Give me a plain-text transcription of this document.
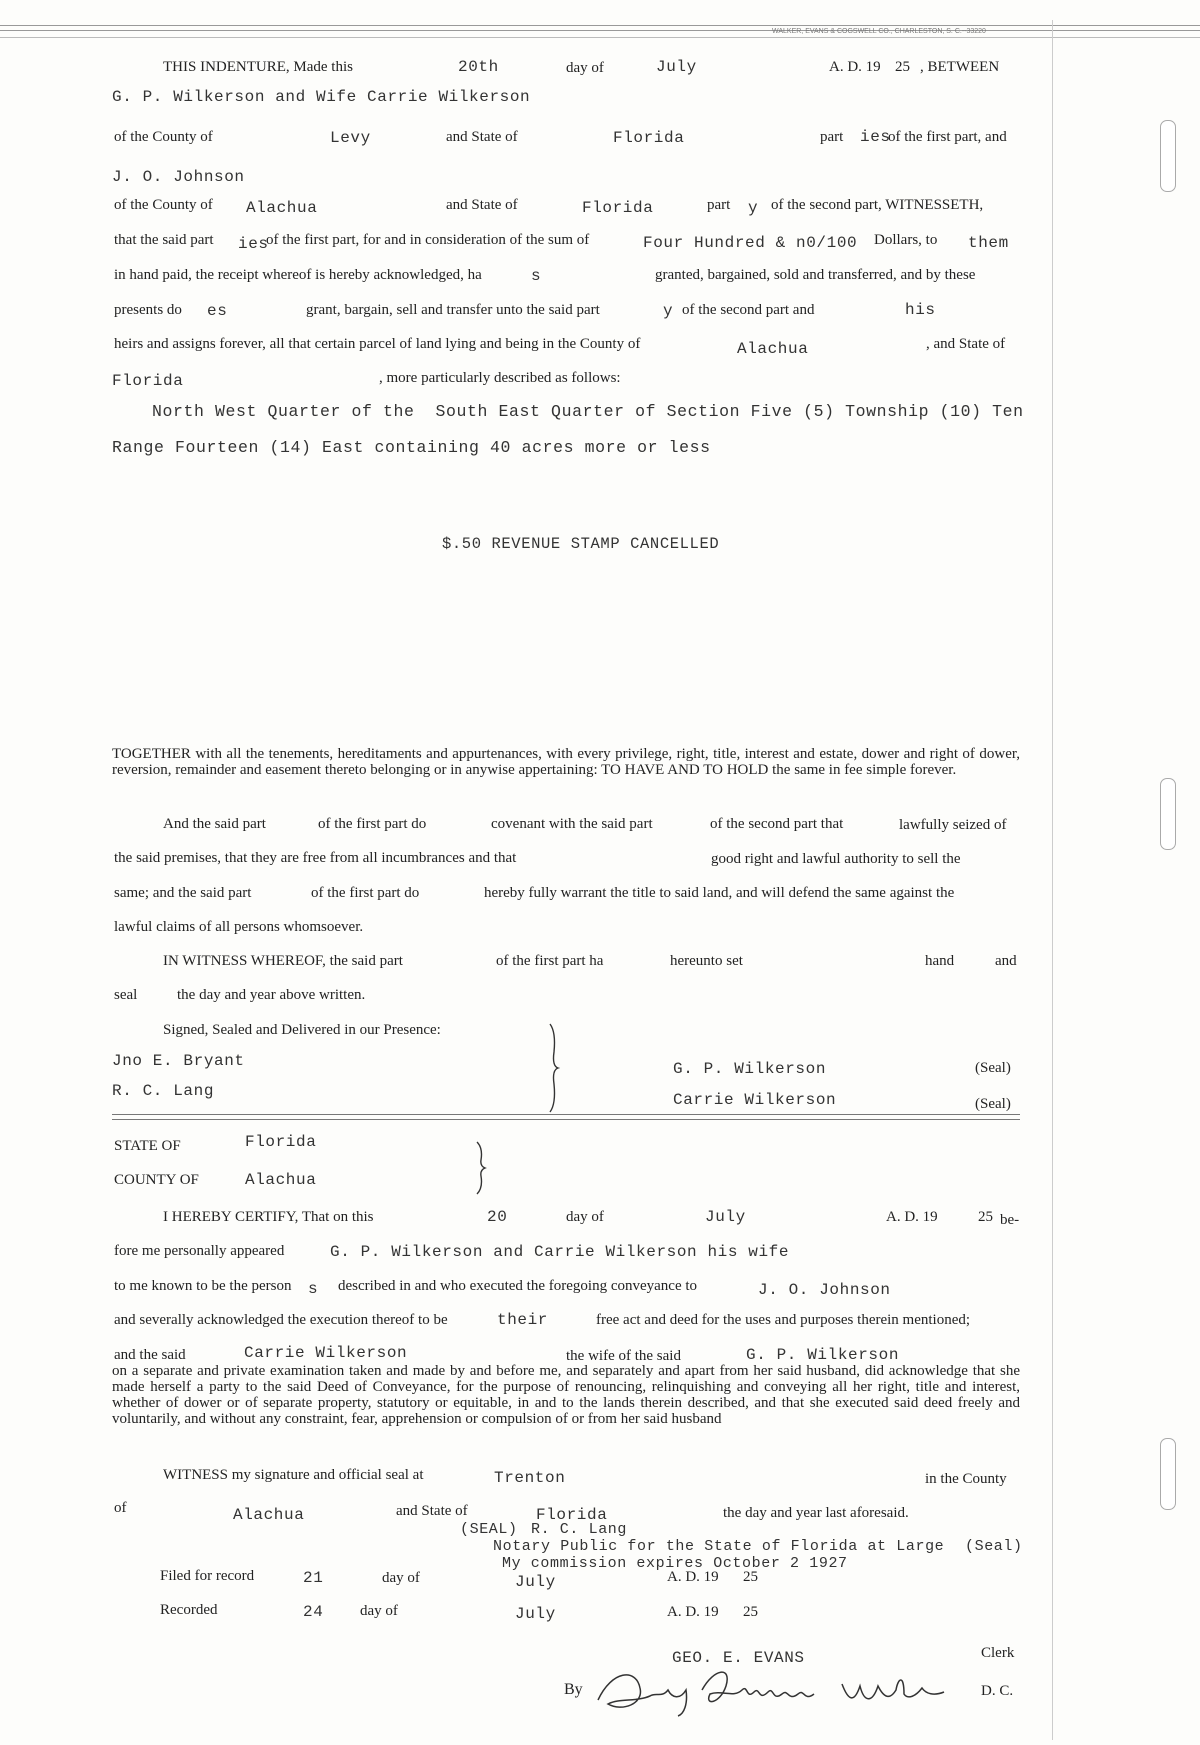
WALKER, EVANS & COGSWELL CO., CHARLESTON, S. C.--33220
THIS INDENTURE, Made this	20th	day of	July	A. D. 19 25 , BETWEEN
G. P. Wilkerson and Wife Carrie Wilkerson
of the County of	Levy	and State of	Florida	part ies
of the first part, and
J. O. Johnson
of the County of Alachua	and State of	Florida	part y of the second part, WITNESSETH,
that the said part ies
of the first part, for and in consideration of the sum of	Four Hundred & n0/100 Dollars, to them
in hand paid, the receipt whereof is hereby acknowledged, ha	s	granted, bargained, sold and transferred, and by these
presents do es	grant, bargain, sell and transfer unto the said part	y of the second part and	his
heirs and assigns forever, all that certain parcel of land lying and being in the County of	Alachua	, and State of
Florida	, more particularly described as follows:
North West Quarter of the  South East Quarter of Section Five (5) Township (10) Ten
Range Fourteen (14) East containing 40 acres more or less
$.50 REVENUE STAMP CANCELLED
TOGETHER with all the tenements, hereditaments and appurtenances, with every privilege, right, title, interest and estate, dower and right of dower, reversion, remainder and easement thereto belonging or in anywise appertaining: TO HAVE AND TO HOLD the same in fee simple forever.
And the said part	of the first part do	covenant with the said part	of the second part that	lawfully seized of
the said premises, that they are free from all incumbrances and that	good right and lawful authority to sell the
same; and the said part	of the first part do	hereby fully warrant the title to said land, and will defend the same against the
lawful claims of all persons whomsoever.
IN WITNESS WHEREOF, the said part	of the first part ha	hereunto set	hand	and
seal	the day and year above written.
Signed, Sealed and Delivered in our Presence:
Jno E. Bryant
R. C. Lang
G. P. Wilkerson	(Seal)
Carrie Wilkerson	(Seal)
STATE OF	Florida
COUNTY OF	Alachua
I HEREBY CERTIFY, That on this	20	day of	July	A. D. 19	25 be-
fore me personally appeared	G. P. Wilkerson and Carrie Wilkerson his wife
to me known to be the person s described in and who executed the foregoing conveyance to	J. O. Johnson
and severally acknowledged the execution thereof to be	their	free act and deed for the uses and purposes therein mentioned;
and the said	Carrie Wilkerson	the wife of the said	G. P. Wilkerson
on a separate and private examination taken and made by and before me, and separately and apart from her said husband, did acknowledge that she made herself a party to the said Deed of Conveyance, for the purpose of renouncing, relinquishing and conveying all her right, title and interest, whether of dower or of separate property, statutory or equitable, in and to the lands therein described, and that she executed said deed freely and voluntarily, and without any constraint, fear, apprehension or compulsion of or from her said husband
WITNESS my signature and official seal at	Trenton	in the County
of	Alachua	and State of	Florida	the day and year last aforesaid.
(SEAL) R. C. Lang
Notary Public for the State of Florida at Large (Seal)
My commission expires October 2 1927
Filed for record	21	day of	July	A. D. 19 25
Recorded	24 day of	July	A. D. 19 25
GEO. E. EVANS	Clerk
By	D. C.
